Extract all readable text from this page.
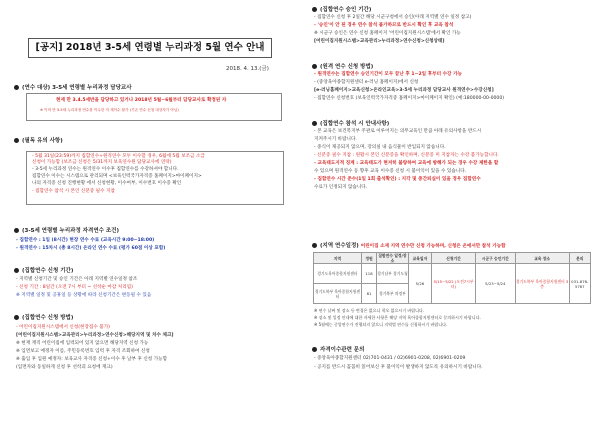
[공지] 2018년 3-5세 연령별 누리과정 5월 연수 안내
2018. 4. 13.(금)
(연수 대상) 3-5세 연령별 누리과정 담당교사
현재 만 3.4.5세반을 담당하고 있거나 2018년 5월~6월부터 담당교사로 확정된 자
※ 이미 만 3-5세 누리과정 연수를 이수한 자 재이수 불가 (기존 연수 신청 대상자가 아님)
(필독 유의 사항)
- 5월 31일(23:59)까지 집합연수+원격연수 모두 이수할 경우, 6월에 5월 보조금 소급
신청이 가능함 (보조금 신청은 5/31까지 보육연수원 담당교사에 연락)
- 3-5세 누리과정 연수는 원격연수 이수후 집합연수를 수강하셔야 합니다.
집합연수 이수는 시스템으로 관리되며 <보육인력국가자격증 홈페이지>마이페이지>
나의 자격증 신청 진행현황 에서 신청현황, 이수여부, 이수번호 이수증 확인
- 집합연수 참석 시 본인 신분증 필수 지참
(3-5세 연령별 누리과정 자격연수 조건)
- 집합연수 : 1일 (8시간) 현장 연수 수료 (교육시간 9:00~18:00)
- 원격연수 : 15차시 (총 8시간) 온라인 연수 수료 (평가 60점 이상 포함)
(집합연수 신청 기간)
- 지역별 신청기간 및 승인 기간은 아래 지역별 연수일정 참조
- 신청 기간 : 8일간 (오전 7시 부터 ~ 선착순 마감 처리됨)
※ 지역별 일정 및 공휴일 등 상황에 따라 신청기간은 변동될 수 있음
(집합연수 신청 방법)
- 어린이집지원시스템에서 신청(현장접수 불가)
[어린이집지원시스템>교육관리>누리과정>연수신청>해당지역 및 차수 체크]
※ 현재 재직 어린이집에 입력되어 있지 않으면 해당지역 신청 가능
※ 입면보고 예정자 이름, 주민등록번호 입력 후 자격 조회하여 신청
※ 출입 후 입원 예정자: 보육교사 자격증 신청+이수 후 날부 후 신청 가능함
(입면자와 동일하게 신청 후 선착괴 요청에 재크)
(집합연수 승인 기간)
- 집합연수 신청 후 2일간 해당 시군구청에서 승인(아래 지역별 연수 일정 참고)
- '승인'이 안 된 경우 연수 참석 불가하므로 반드시 확인 후 교육 참석
※ 시군구 승인은 연수 신청 홈페이지 '어린이집지원시스템'에서 확인 가능
[어린이집지원시스템>교육관리>누리과정>연수신청>신청상태]
(원격 연수 신청 방법)
- 원격연수는 집합연수 승인기간이 모두 끝난 후 1~2일 후부터 수강 가능
- (중앙육아종합지원센터 e-러닝 홈페이지)에서 신청
[e-러닝홈페이지>교육신청>온라인교육>3-5세 누리과정 담당교사 원격연수>수강신청]
- 집합연수 신청번호 (보육인력국가자격증 홈페이지>마이페이지 확인) (예:180000-00-0000)
(집합연수 참석 시 안내사항)
- 본 교육은 보건복지부 주관로 이루어지는 의무교육인 만큼 아래 유의사항을 반드시
지켜주시기 바랍니다.
- 중식이 제공되지 않으며, 강의실 내 음식물이 반입되지 않습니다.
- 신분증 필수 지참 : 원활시 본인 신분증을 확인하며, 신분증 미 지참자는 수강 불가능합니다.
- 교육태도지적 징계 : 교육태도가 현저히 불량하여 교육에 방해가 되는 경우 수강 제한을 할
수 있으며 원격연수 등 향후 교육 이수증 신청 시 불이익이 있을 수 있습니다.
- 집합연수 시간 준수(1일 1회 출석확인) : 지각 및 중간퇴실이 있을 경우 집합연수
수료가 인정되지 않습니다.
(지역 연수일정) 어린이집 소재 지역 연수만 신청 가능하며, 신청은 온에서만 참석 가능함
지역	정원	집합연수 일정/장소	교육일자	신청기간	시군구 승인기간	교육 장소	문의
경기도육아종합지원센터	118	경기남부 경기도청	5/26	5/15~5/22 (오전7시부터)	5/23~5/24	경기도북부 육아종합지원센터 3층	031-876-5767
경기도북부 육아종합지원센터	81	경기북부 의정부					
※ 연수 날짜 및 장소 등 변경은 없으니 착오 없으시기 바랍니다.
※ 장소 및 일정 안내에 대한 자세한 사항은 해당 지역 육아종합지원센터로 문의하시기 바랍니다.
※ 5월에는 중앙연수가 진행되지 않으니 지역별 연수를 신청하시기 바랍니다.
자격이수관련 문의
- 중앙육아종합지원센터 02)701-0431 / 02)6901-0208, 02)6901-0209
- 공지를 반드시 꼼꼼히 읽어보신 후 불이익이 발생하지 않도록 유의하시기 바랍니다.
